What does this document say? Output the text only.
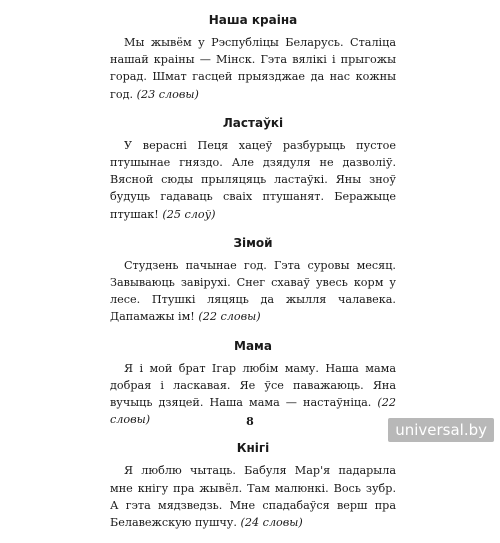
Наша краіна
Мы жывём у Рэспубліцы Беларусь. Сталіца нашай краіны — Мінск. Гэта вялікі і прыгожы горад. Шмат гасцей прыязджае да нас кожны год. (23 словы)
Ластаўкі
У верасні Пеця хацеў разбурыць пустое птушынае гняздо. Але дзядуля не дазволіў. Вясной сюды прыляцяць ластаўкі. Яны зноў будуць гадаваць сваіх птушанят. Беражыце птушак! (25 слоў)
Зімой
Студзень пачынае год. Гэта суровы месяц. Завываюць завірухі. Снег схаваў увесь корм у лесе. Птушкі ляцяць да жылля чалавека. Дапамажы ім! (22 словы)
Мама
Я і мой брат Ігар любім маму. Наша мама добрая і ласкавая. Яе ўсе паважаюць. Яна вучыць дзяцей. Наша мама — настаўніца. (22 словы)
Кнігі
Я люблю чытаць. Бабуля Мар'я падарыла мне кнігу пра жывёл. Там малюнкі. Вось зубр. А гэта мядзведзь. Мне спадабаўся верш пра Белавежскую пушчу. (24 словы)
8	universal.by
